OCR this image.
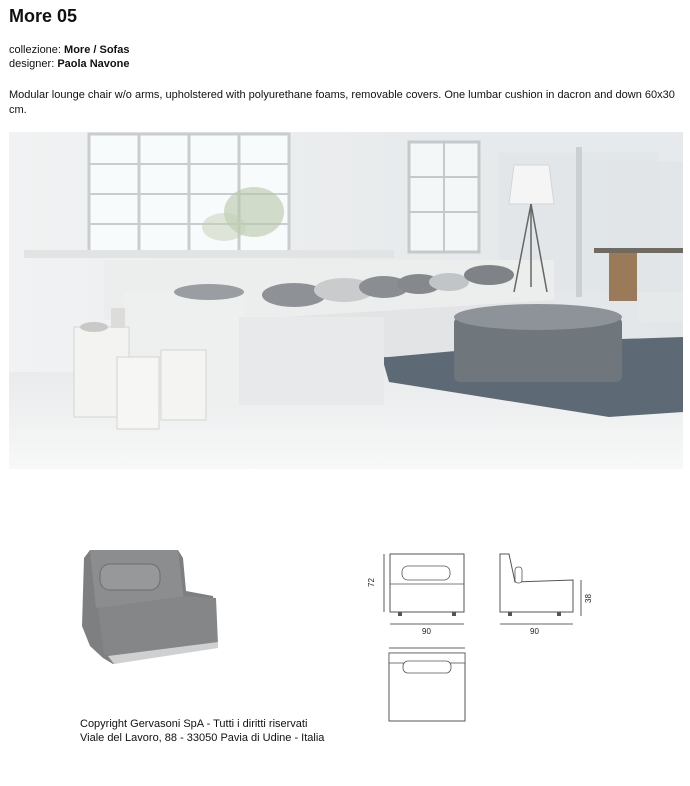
More 05
collezione: More / Sofas
designer: Paola Navone
Modular lounge chair w/o arms, upholstered with polyurethane foams, removable covers. One lumbar cushion in dacron and down 60x30 cm.
72
90
38
90
Copyright Gervasoni SpA - Tutti i diritti riservati
Viale del Lavoro, 88 - 33050 Pavia di Udine - Italia
